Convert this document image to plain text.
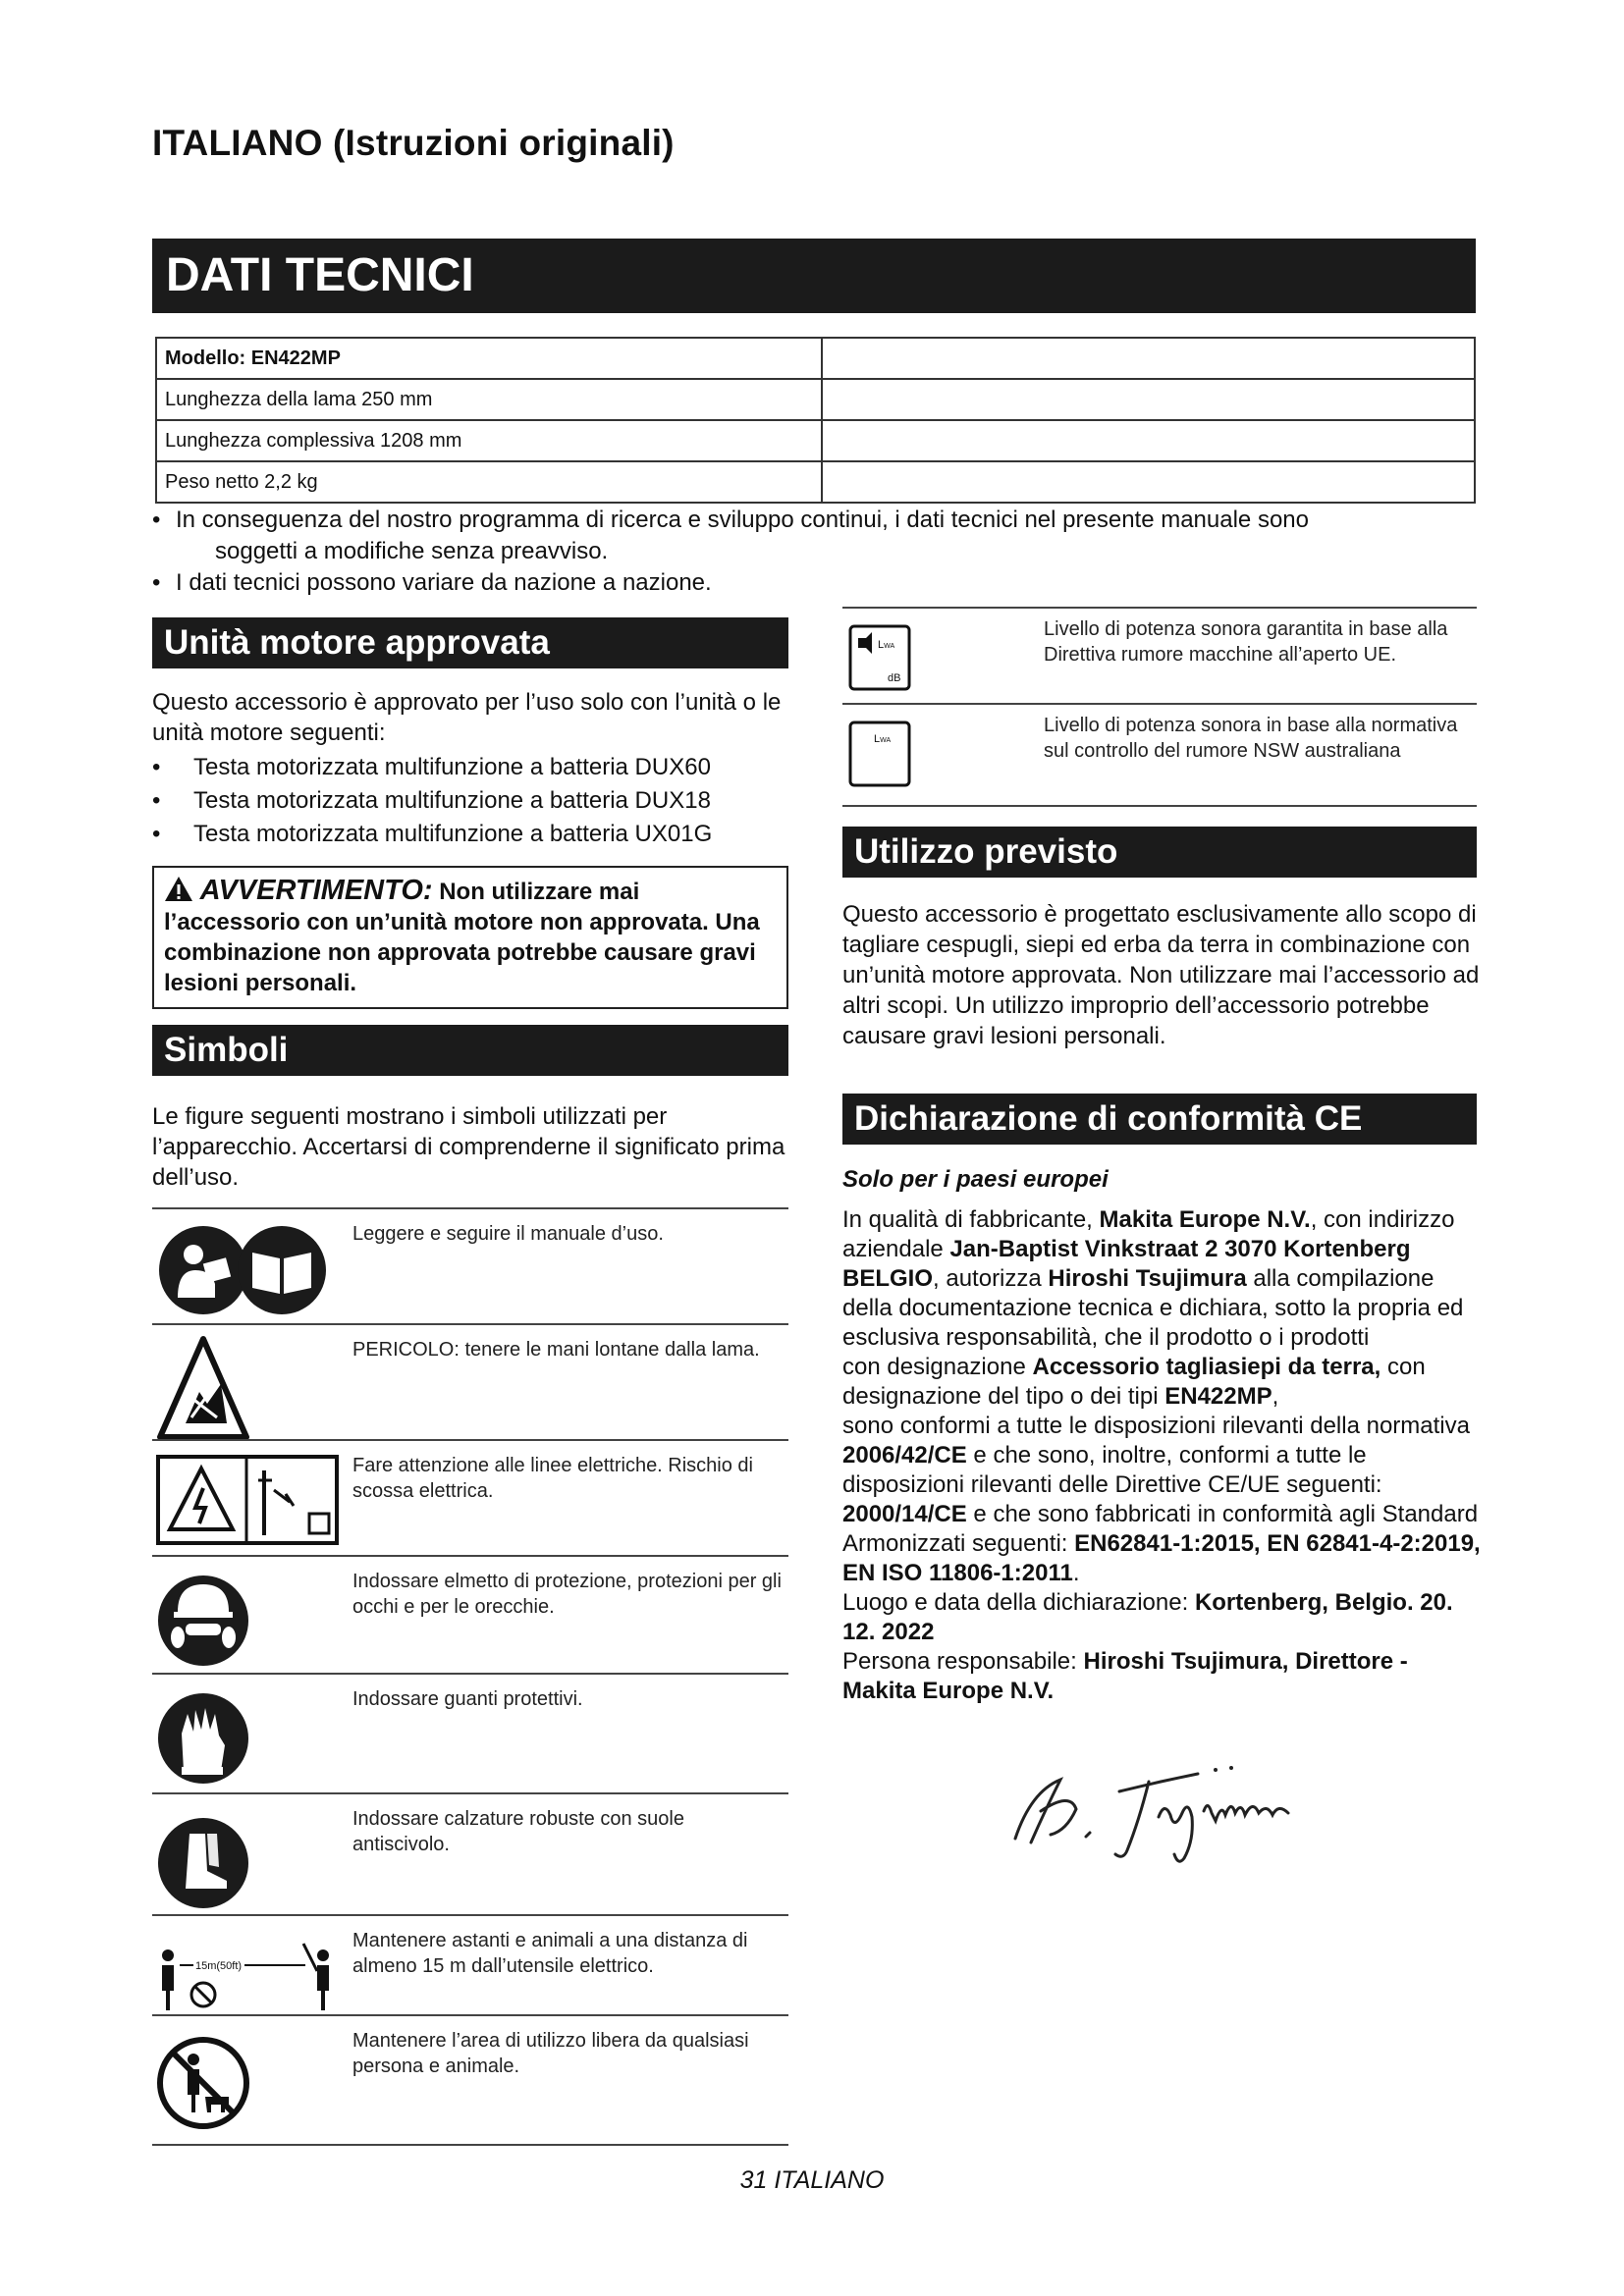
ITALIANO (Istruzioni originali)
DATI TECNICI
Modello: EN422MP	
Lunghezza della lama 250 mm	
Lunghezza complessiva 1208 mm	
Peso netto 2,2 kg	
• In conseguenza del nostro programma di ricerca e sviluppo continui, i dati tecnici nel presente manuale sono
soggetti a modifiche senza preavviso.
• I dati tecnici possono variare da nazione a nazione.
Unità motore approvata
Questo accessorio è approvato per l’uso solo con l’unità o le unità motore seguenti:
• Testa motorizzata multifunzione a batteria DUX60
• Testa motorizzata multifunzione a batteria DUX18
• Testa motorizzata multifunzione a batteria UX01G
AVVERTIMENTO: Non utilizzare mai l’accessorio con un’unità motore non approvata. Una combinazione non approvata potrebbe causare gravi lesioni personali.
Simboli
Le figure seguenti mostrano i simboli utilizzati per l’apparecchio. Accertarsi di comprenderne il significato prima dell’uso.
Leggere e seguire il manuale d’uso.
PERICOLO: tenere le mani lontane dalla lama.
Fare attenzione alle linee elettriche. Rischio di scossa elettrica.
Indossare elmetto di protezione, protezioni per gli occhi e per le orecchie.
Indossare guanti protettivi.
Indossare calzature robuste con suole antiscivolo.
15m(50ft)
Mantenere astanti e animali a una distanza di almeno 15 m dall’utensile elettrico.
Mantenere l’area di utilizzo libera da qualsiasi persona e animale.
LWA
dB
Livello di potenza sonora garantita in base alla Direttiva rumore macchine all’aperto UE.
LWA
Livello di potenza sonora in base alla normativa sul controllo del rumore NSW australiana
Utilizzo previsto
Questo accessorio è progettato esclusivamente allo scopo di tagliare cespugli, siepi ed erba da terra in combinazione con un’unità motore approvata. Non utilizzare mai l’accessorio ad altri scopi. Un utilizzo improprio dell’accessorio potrebbe causare gravi lesioni personali.
Dichiarazione di conformità CE
Solo per i paesi europei
In qualità di fabbricante, Makita Europe N.V., con indirizzo aziendale Jan-Baptist Vinkstraat 2 3070 Kortenberg BELGIO, autorizza Hiroshi Tsujimura alla compilazione della documentazione tecnica e dichiara, sotto la propria ed esclusiva responsabilità, che il prodotto o i prodotti
con designazione Accessorio tagliasiepi da terra, con designazione del tipo o dei tipi EN422MP,
sono conformi a tutte le disposizioni rilevanti della normativa 2006/42/CE e che sono, inoltre, conformi a tutte le disposizioni rilevanti delle Direttive CE/UE seguenti: 2000/14/CE e che sono fabbricati in conformità agli Standard Armonizzati seguenti: EN62841-1:2015, EN 62841-4-2:2019, EN ISO 11806-1:2011.
Luogo e data della dichiarazione: Kortenberg, Belgio. 20. 12. 2022
Persona responsabile: Hiroshi Tsujimura, Direttore - Makita Europe N.V.
31 ITALIANO
